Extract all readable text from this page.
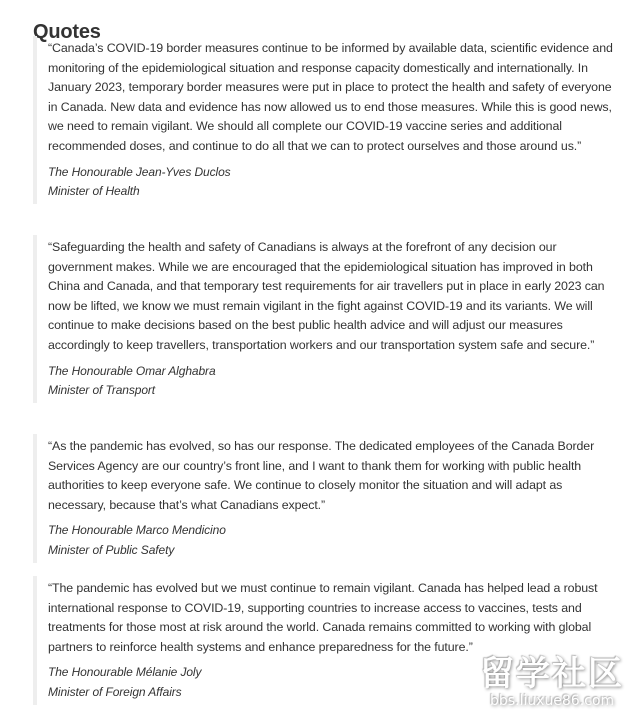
Quotes

“Canada’s COVID-19 border measures continue to be informed by available data, scientific evidence and monitoring of the epidemiological situation and response capacity domestically and internationally. In January 2023, temporary border measures were put in place to protect the health and safety of everyone in Canada. New data and evidence has now allowed us to end those measures. While this is good news, we need to remain vigilant. We should all complete our COVID-19 vaccine series and additional recommended doses, and continue to do all that we can to protect ourselves and those around us.”

The Honourable Jean-Yves Duclos
Minister of Health

“Safeguarding the health and safety of Canadians is always at the forefront of any decision our government makes. While we are encouraged that the epidemiological situation has improved in both China and Canada, and that temporary test requirements for air travellers put in place in early 2023 can now be lifted, we know we must remain vigilant in the fight against COVID-19 and its variants. We will continue to make decisions based on the best public health advice and will adjust our measures accordingly to keep travellers, transportation workers and our transportation system safe and secure.”

The Honourable Omar Alghabra
Minister of Transport

“As the pandemic has evolved, so has our response. The dedicated employees of the Canada Border Services Agency are our country’s front line, and I want to thank them for working with public health authorities to keep everyone safe. We continue to closely monitor the situation and will adapt as necessary, because that’s what Canadians expect.”

The Honourable Marco Mendicino
Minister of Public Safety

“The pandemic has evolved but we must continue to remain vigilant. Canada has helped lead a robust international response to COVID-19, supporting countries to increase access to vaccines, tests and treatments for those most at risk around the world. Canada remains committed to working with global partners to reinforce health systems and enhance preparedness for the future.”

The Honourable Mélanie Joly
Minister of Foreign Affairs	留学社区
bbs.liuxue86.com
